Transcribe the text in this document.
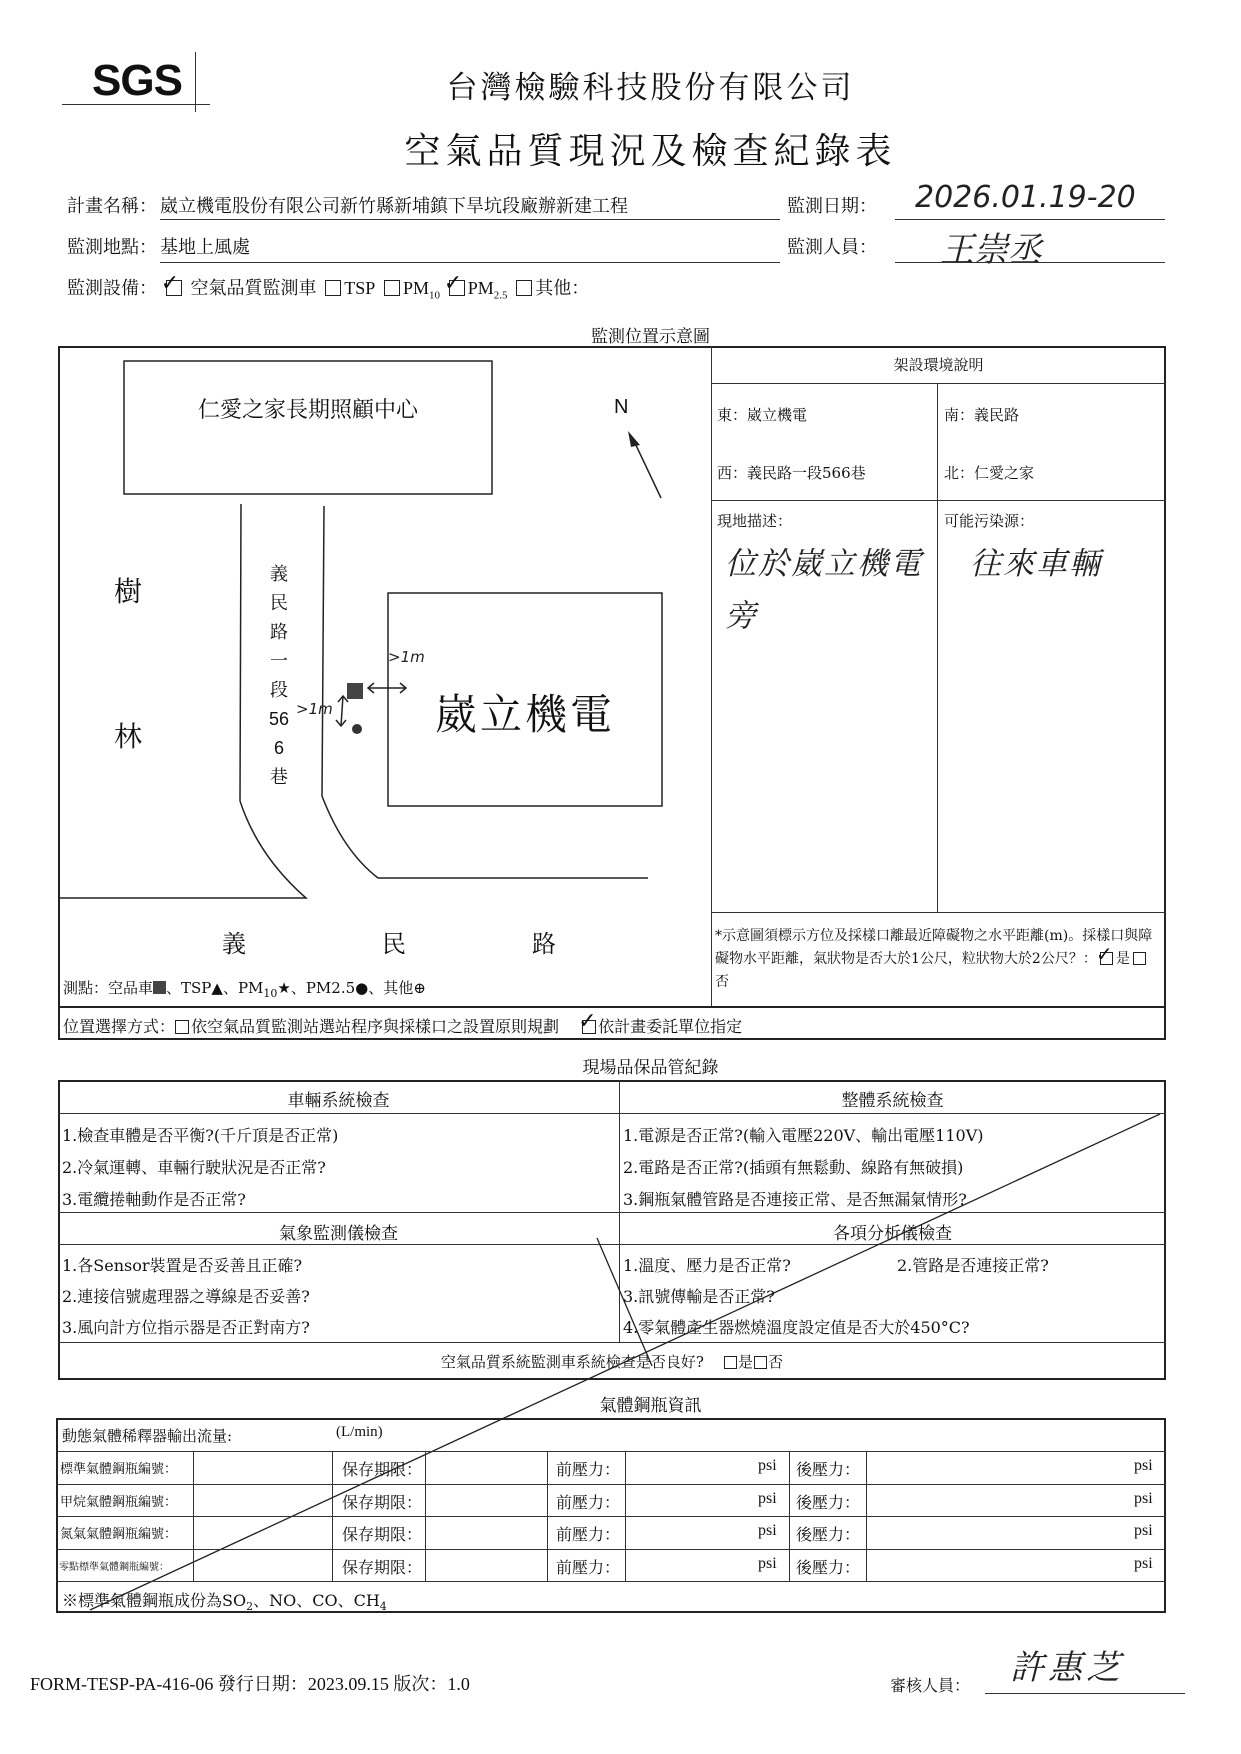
SGS	台灣檢驗科技股份有限公司
空氣品質現況及檢查紀錄表
計畫名稱： 崴立機電股份有限公司新竹縣新埔鎮下旱坑段廠辦新建工程	監測日期： 2026.01.19-20
監測地點： 基地上風處	監測人員： 王崇丞
監測設備： ✓ 空氣品質監測車 TSP $PM_{10}$ ✓ $PM_{2.5}$ 其他：
監測位置示意圖
仁愛之家長期照顧中心	N
樹
林
義
民
路
一
段
56
6
巷
>1m
>1m	崴立機電
義	民	路
測點：空品車 、TSP▲、$PM_{10}★$、PM2.5●、其他⊕
架設環境說明
東：崴立機電	南：義民路
西：義民路一段566巷	北：仁愛之家
現地描述：
位於崴立機電旁
可能污染源：
往來車輛
*示意圖須標示方位及採樣口離最近障礙物之水平距離(m)。採樣口與障礙物水平距離，氣狀物是否大於1公尺，粒狀物大於2公尺？： ✓ 是否
位置選擇方式： 依空氣品質監測站選站程序與採樣口之設置原則規劃 ✓ 依計畫委託單位指定
現場品保品管紀錄
車輛系統檢查	整體系統檢查
1.檢查車體是否平衡?(千斤頂是否正常)
2.冷氣運轉、車輛行駛狀況是否正常?
3.電纜捲軸動作是否正常?
1.電源是否正常?(輸入電壓220V、輸出電壓110V)
2.電路是否正常?(插頭有無鬆動、線路有無破損)
3.鋼瓶氣體管路是否連接正常、是否無漏氣情形?
氣象監測儀檢查	各項分析儀檢查
1.各Sensor裝置是否妥善且正確?
2.連接信號處理器之導線是否妥善?
3.風向計方位指示器是否正對南方?
1.溫度、壓力是否正常?	2.管路是否連接正常?
3.訊號傳輸是否正常?
4.零氣體產生器燃燒溫度設定值是否大於450°C?
空氣品質系統監測車系統檢查是否良好? 是 否
氣體鋼瓶資訊
動態氣體稀釋器輸出流量:	(L/min)
標準氣體鋼瓶編號：	保存期限：	前壓力：	psi 後壓力：	psi
甲烷氣體鋼瓶編號：	保存期限：	前壓力：	psi 後壓力：	psi
氮氣氣體鋼瓶編號：	保存期限：	前壓力：	psi 後壓力：	psi
零點標準氣體鋼瓶編號：	保存期限：	前壓力：	psi 後壓力：	psi
※標準氣體鋼瓶成份為$SO_2$、NO、CO、$CH_4$
FORM-TESP-PA-416-06 發行日期：2023.09.15 版次：1.0	審核人員： 許惠芝
